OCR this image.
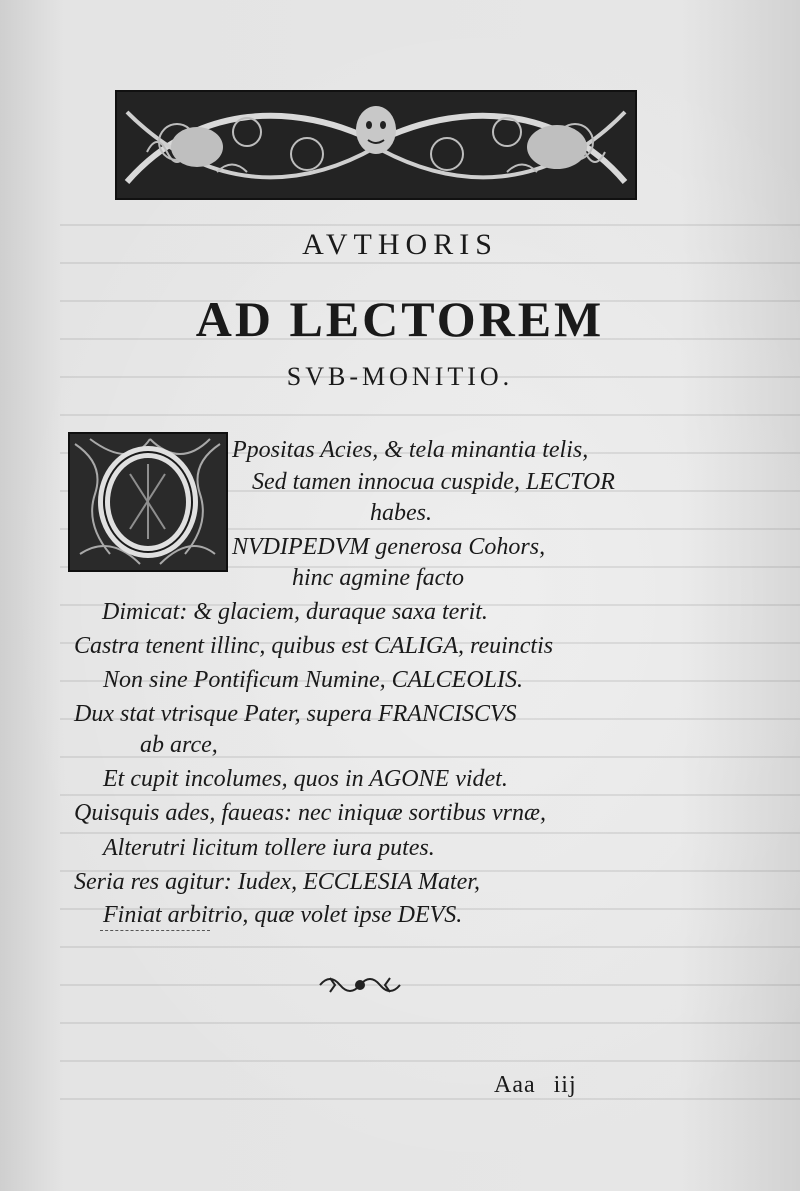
AVTHORIS
AD LECTOREM
SVB-MONITIO.
Ppositas Acies, & tela minantia telis,
Sed tamen innocua cuspide, LECTOR
habes.
NVDIPEDVM generosa Cohors,
hinc agmine facto
Dimicat: & glaciem, duraque saxa terit.
Castra tenent illinc, quibus est CALIGA, reuinctis
Non sine Pontificum Numine, CALCEOLIS.
Dux stat vtrisque Pater, supera FRANCISCVS
ab arce,
Et cupit incolumes, quos in AGONE videt.
Quisquis ades, faueas: nec iniquæ sortibus vrnæ,
Alterutri licitum tollere iura putes.
Seria res agitur: Iudex, ECCLESIA Mater,
Finiat arbitrio, quæ volet ipse DEVS.
Aaa iij
